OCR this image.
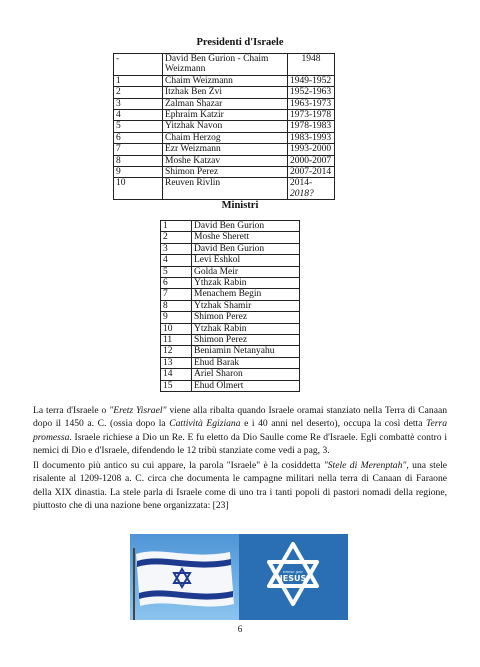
Presidenti d'Israele
-	David Ben Gurion - Chaim Weizmann	1948
1	Chaim Weizmann	1949-1952
2	Itzhak Ben Zvi	1952-1963
3	Zalman Shazar	1963-1973
4	Ephraim Katzir	1973-1978
5	Yitzhak Navon	1978-1983
6	Chaim Herzog	1983-1993
7	Ezr Weizmann	1993-2000
8	Moshe Katzav	2000-2007
9	Shimon Perez	2007-2014
10	Reuven Rivlin	2014-2018?
Ministri
1	David Ben Gurion
2	Moshe Sherett
3	David Ben Gurion
4	Levi Eshkol
5	Golda Meir
6	Ythzak Rabin
7	Menachem Begin
8	Ytzhak Shamir
9	Shimon Perez
10	Ytzhak Rabin
11	Shimon Perez
12	Beniamin Netanyahu
13	Ehud Barak
14	Ariel Sharon
15	Ehud Olmert
La terra d'Israele o "Eretz Yisrael" viene alla ribalta quando Israele oramai stanziato nella Terra di Canaan dopo il 1450 a. C. (ossia dopo la Cattività Egiziana e i 40 anni nel deserto), occupa la così detta Terra promessa. Israele richiese a Dio un Re. E fu eletto da Dio Saulle come Re d'Israele. Egli combattè contro i nemici di Dio e d'Israele, difendendo le 12 tribù stanziate come vedi a pag, 3.
Il documento più antico su cui appare, la parola "Israele" è la cosiddetta "Stele di Merenptah", una stele risalente al 1209-1208 a. C. circa che documenta le campagne militari nella terra di Canaan di Faraone della XIX dinastia. La stele parla di Israele come di uno tra i tanti popoli di pastori nomadi della regione, piuttosto che di una nazione bene organizzata: [23]
ישוע המשיח
JESUS
6
